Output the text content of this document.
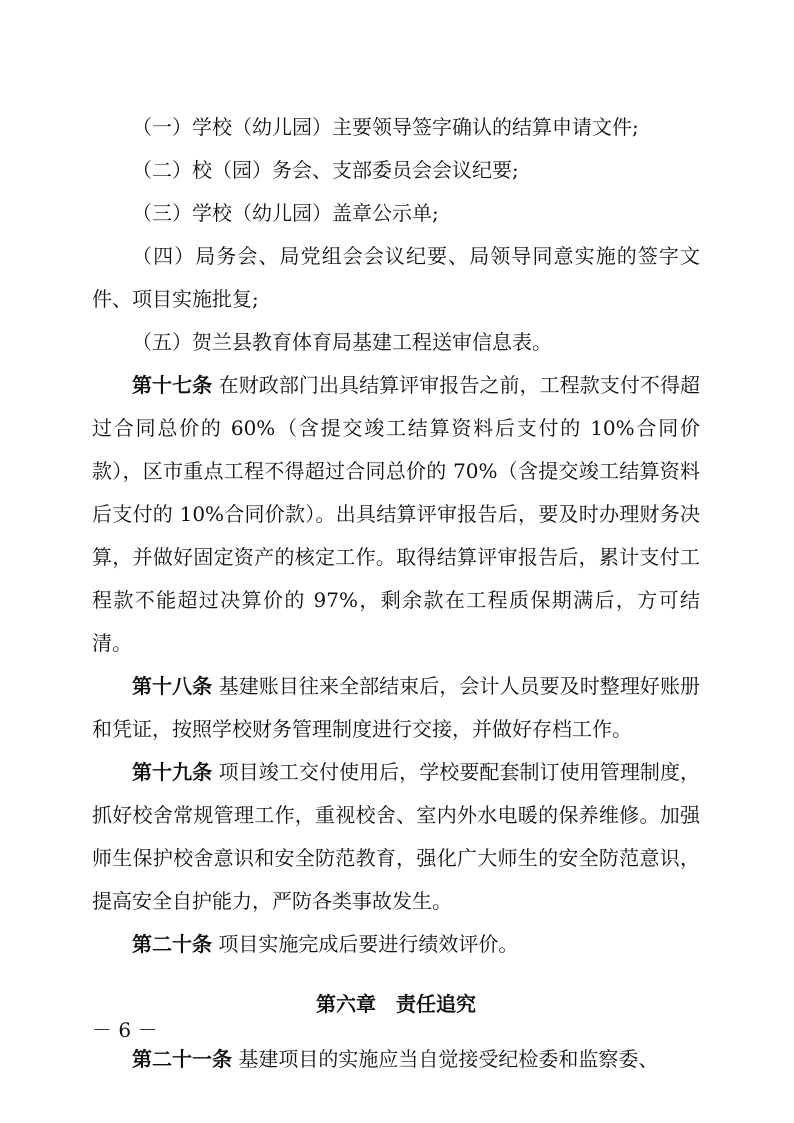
（一）学校（幼儿园）主要领导签字确认的结算申请文件;

（二）校（园）务会、支部委员会会议纪要;

（三）学校（幼儿园）盖章公示单;

（四）局务会、局党组会会议纪要、局领导同意实施的签字文件、项目实施批复;

（五）贺兰县教育体育局基建工程送审信息表。

第十七条 在财政部门出具结算评审报告之前，工程款支付不得超过合同总价的 60%（含提交竣工结算资料后支付的 10%合同价款），区市重点工程不得超过合同总价的 70%（含提交竣工结算资料后支付的 10%合同价款）。出具结算评审报告后，要及时办理财务决算，并做好固定资产的核定工作。取得结算评审报告后，累计支付工程款不能超过决算价的 97%，剩余款在工程质保期满后，方可结清。

第十八条 基建账目往来全部结束后，会计人员要及时整理好账册和凭证，按照学校财务管理制度进行交接，并做好存档工作。

第十九条 项目竣工交付使用后，学校要配套制订使用管理制度，抓好校舍常规管理工作，重视校舍、室内外水电暖的保养维修。加强师生保护校舍意识和安全防范教育，强化广大师生的安全防范意识，提高安全自护能力，严防各类事故发生。

第二十条 项目实施完成后要进行绩效评价。

第六章 责任追究

第二十一条 基建项目的实施应当自觉接受纪检委和监察委、

－ 6 －
